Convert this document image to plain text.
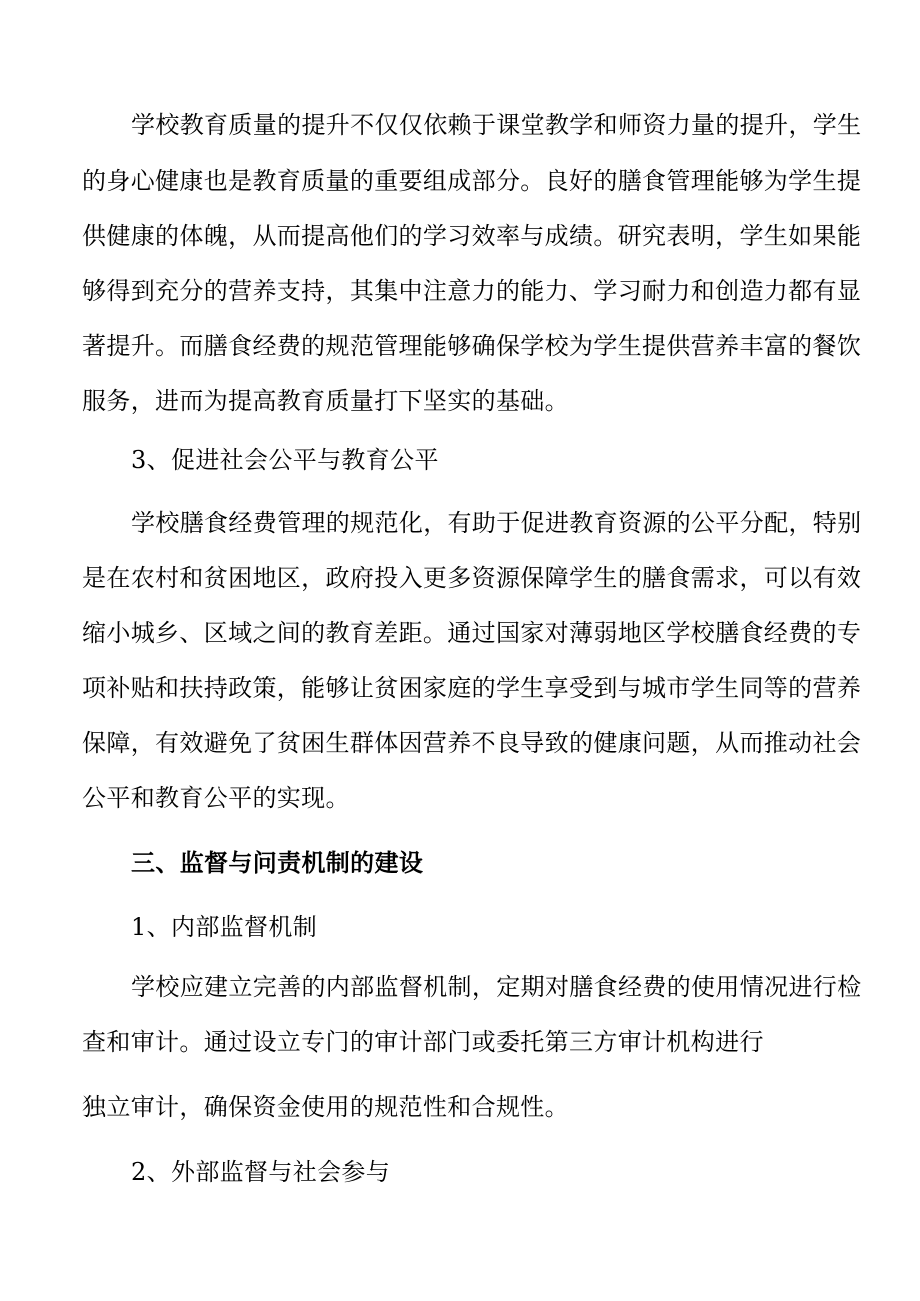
学校教育质量的提升不仅仅依赖于课堂教学和师资力量的提升，学生
的身心健康也是教育质量的重要组成部分。良好的膳食管理能够为学生提
供健康的体魄，从而提高他们的学习效率与成绩。研究表明，学生如果能
够得到充分的营养支持，其集中注意力的能力、学习耐力和创造力都有显
著提升。而膳食经费的规范管理能够确保学校为学生提供营养丰富的餐饮
服务，进而为提高教育质量打下坚实的基础。
3、促进社会公平与教育公平
学校膳食经费管理的规范化，有助于促进教育资源的公平分配，特别
是在农村和贫困地区，政府投入更多资源保障学生的膳食需求，可以有效
缩小城乡、区域之间的教育差距。通过国家对薄弱地区学校膳食经费的专
项补贴和扶持政策，能够让贫困家庭的学生享受到与城市学生同等的营养
保障，有效避免了贫困生群体因营养不良导致的健康问题，从而推动社会
公平和教育公平的实现。
三、监督与问责机制的建设
1、内部监督机制
学校应建立完善的内部监督机制，定期对膳食经费的使用情况进行检
查和审计。通过设立专门的审计部门或委托第三方审计机构进行
独立审计，确保资金使用的规范性和合规性。
2、外部监督与社会参与
